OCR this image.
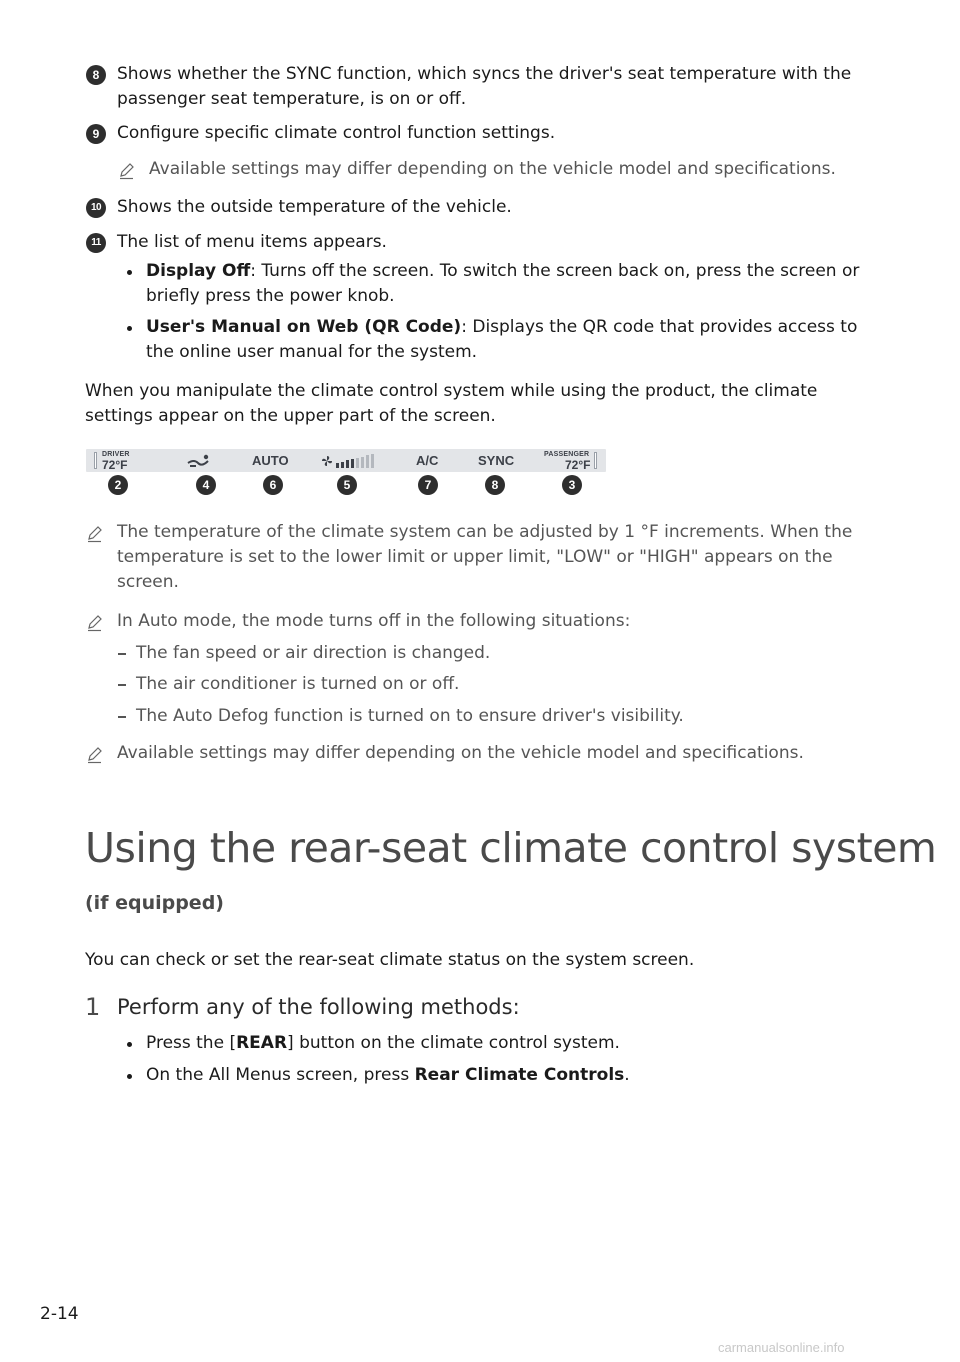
8	Shows whether the SYNC function, which syncs the driver's seat temperature with the passenger seat temperature, is on or off.
9	Configure specific climate control function settings.
Available settings may differ depending on the vehicle model and specifications.
10 Shows the outside temperature of the vehicle.
11 The list of menu items appears.
Display Off: Turns off the screen. To switch the screen back on, press the screen or briefly press the power knob.
User's Manual on Web (QR Code): Displays the QR code that provides access to the online user manual for the system.
When you manipulate the climate control system while using the product, the climate settings appear on the upper part of the screen.
DRIVER
72°F	AUTO	A/C	SYNC	PASSENGER
72°F
2	4	6	5	7	8	3
The temperature of the climate system can be adjusted by 1 °F increments. When the temperature is set to the lower limit or upper limit, "LOW" or "HIGH" appears on the screen.
In Auto mode, the mode turns off in the following situations:
The fan speed or air direction is changed.
The air conditioner is turned on or off.
The Auto Defog function is turned on to ensure driver's visibility.
Available settings may differ depending on the vehicle model and specifications.
Using the rear-seat climate control system
(if equipped)
You can check or set the rear-seat climate status on the system screen.
1 Perform any of the following methods:
Press the [REAR] button on the climate control system.
On the All Menus screen, press Rear Climate Controls.
2-14
carmanualsonline.info
